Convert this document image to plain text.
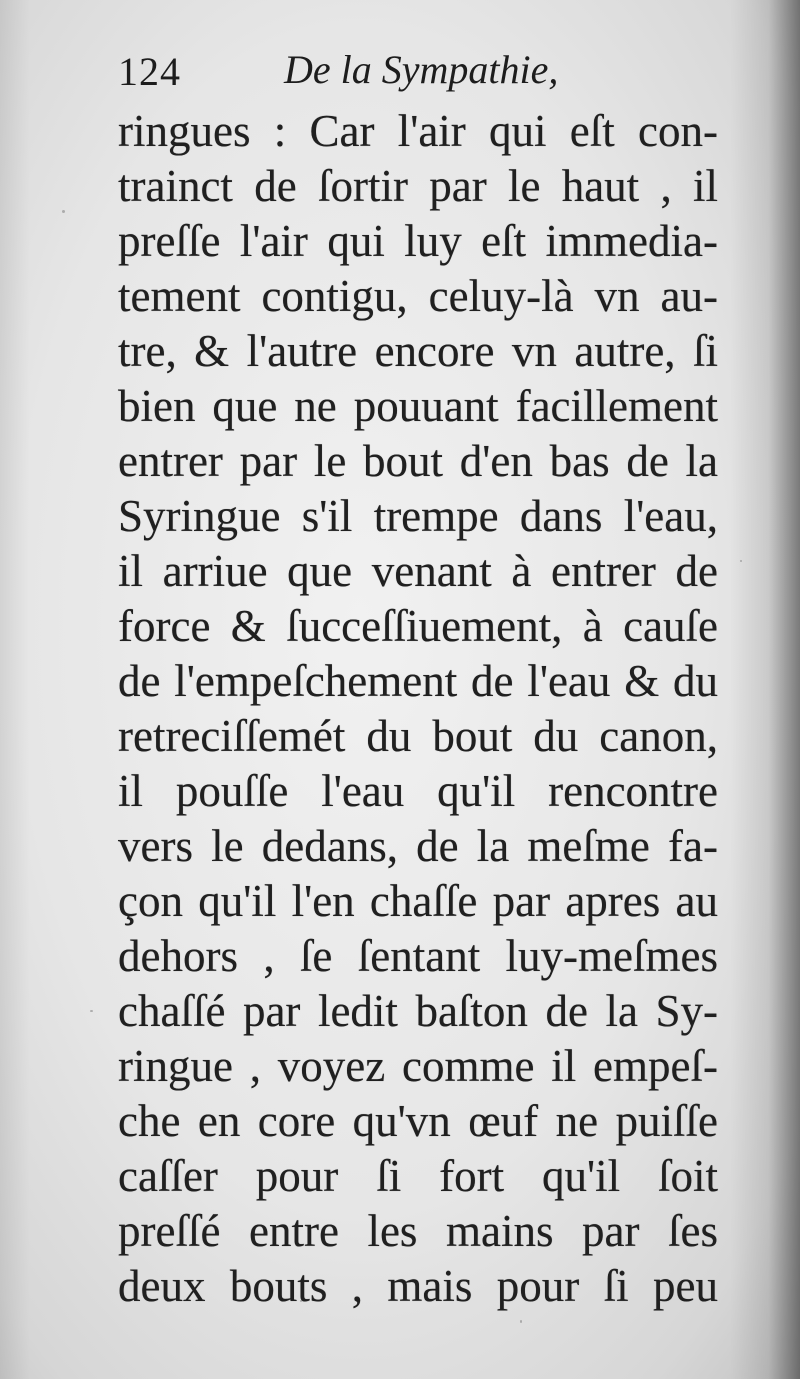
124	De la Sympathie,
ringues : Car l'air qui eſt con-
trainct de ſortir par le haut , il
preſſe l'air qui luy eſt immedia-
tement contigu, celuy-là vn au-
tre, & l'autre encore vn autre, ſi
bien que ne pouuant facillement
entrer par le bout d'en bas de la
Syringue s'il trempe dans l'eau,
il arriue que venant à entrer de
force & ſucceſſiuement, à cauſe
de l'empeſchement de l'eau & du
retreciſſemét du bout du canon,
il pouſſe l'eau qu'il rencontre
vers le dedans, de la meſme fa-
çon qu'il l'en chaſſe par apres au
dehors , ſe ſentant luy-meſmes
chaſſé par ledit baſton de la Sy-
ringue , voyez comme il empeſ-
che en core qu'vn œuf ne puiſſe
caſſer pour ſi fort qu'il ſoit
preſſé entre les mains par ſes
deux bouts , mais pour ſi peu
